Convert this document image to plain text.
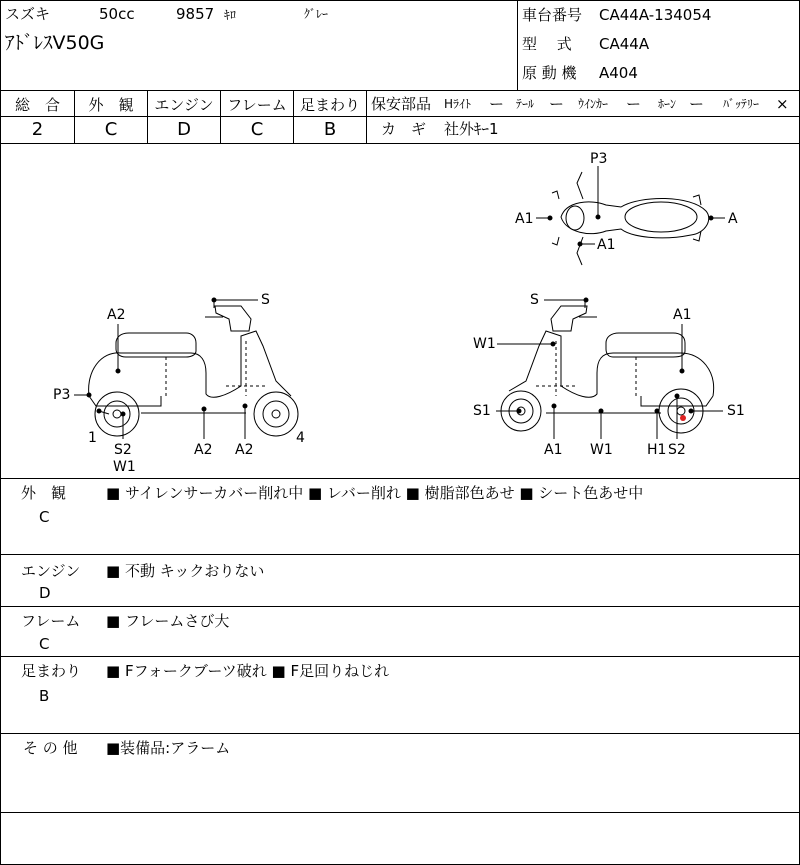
スズキ	50cc	9857 ｷﾛ	ｸﾞﾚｰ
ｱﾄﾞﾚｽV50G
車台番号 CA44A-134054
型　 式 CA44A
原 動 機 A404
総　合	外　観	エンジン フレーム 足まわり
2	C	D	C	B
保安部品 Hﾗｲﾄ ー ﾃｰﾙ ー ｳｲﾝｶｰ ー ﾎｰﾝ ー ﾊﾞｯﾃﾘｰ ×
カ　ギ 社外ｷｰ1
P3
A1
A1
A
A2
S
P3
1
S2
W1
A2 A2
4
S
A1
W1
S1
A1 W1 H1 S2
S1
外　観
C
■ サイレンサーカバー削れ中 ■ レバー削れ ■ 樹脂部色あせ ■ シート色あせ中
エンジン
D
■ 不動 キックおりない
フレーム
C
■ フレームさび大
足まわり
B
■ Fフォークブーツ破れ ■ F足回りねじれ
そ の 他 ■装備品:アラーム
